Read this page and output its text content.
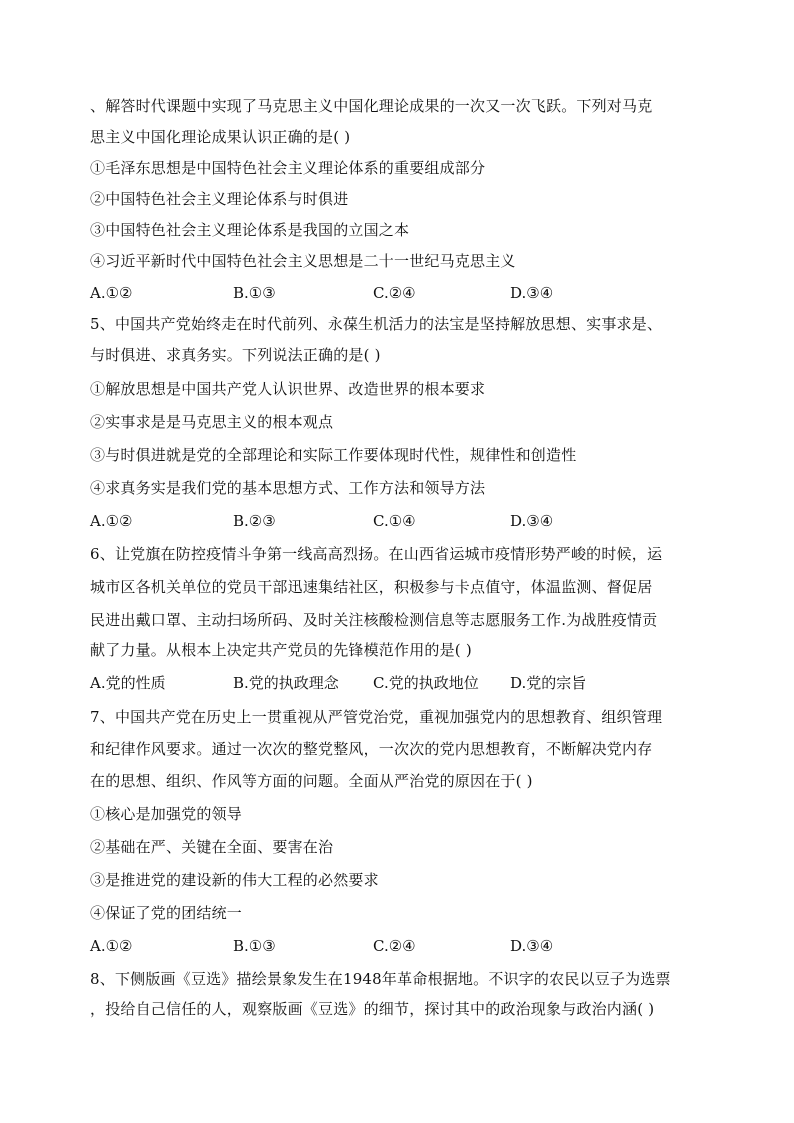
、解答时代课题中实现了马克思主义中国化理论成果的一次又一次飞跃。下列对马克
思主义中国化理论成果认识正确的是( )
①毛泽东思想是中国特色社会主义理论体系的重要组成部分
②中国特色社会主义理论体系与时俱进
③中国特色社会主义理论体系是我国的立国之本
④习近平新时代中国特色社会主义思想是二十一世纪马克思主义
A.①②	B.①③	C.②④	D.③④
5、中国共产党始终走在时代前列、永葆生机活力的法宝是坚持解放思想、实事求是、
与时俱进、求真务实。下列说法正确的是( )
①解放思想是中国共产党人认识世界、改造世界的根本要求
②实事求是是马克思主义的根本观点
③与时俱进就是党的全部理论和实际工作要体现时代性，规律性和创造性
④求真务实是我们党的基本思想方式、工作方法和领导方法
A.①②	B.②③	C.①④	D.③④
6、让党旗在防控疫情斗争第一线高高烈扬。在山西省运城市疫情形势严峻的时候，运
城市区各机关单位的党员干部迅速集结社区，积极参与卡点值守，体温监测、督促居
民进出戴口罩、主动扫场所码、及时关注核酸检测信息等志愿服务工作.为战胜疫情贡
献了力量。从根本上决定共产党员的先锋模范作用的是( )
A.党的性质	B.党的执政理念 C.党的执政地位 D.党的宗旨
7、中国共产党在历史上一贯重视从严管党治党，重视加强党内的思想教育、组织管理
和纪律作风要求。通过一次次的整党整风，一次次的党内思想教育，不断解决党内存
在的思想、组织、作风等方面的问题。全面从严治党的原因在于( )
①核心是加强党的领导
②基础在严、关键在全面、要害在治
③是推进党的建设新的伟大工程的必然要求
④保证了党的团结统一
A.①②	B.①③	C.②④	D.③④
8、下侧版画《豆选》描绘景象发生在1948年革命根据地。不识字的农民以豆子为选票
，投给自己信任的人，观察版画《豆选》的细节，探讨其中的政治现象与政治内涵( )
